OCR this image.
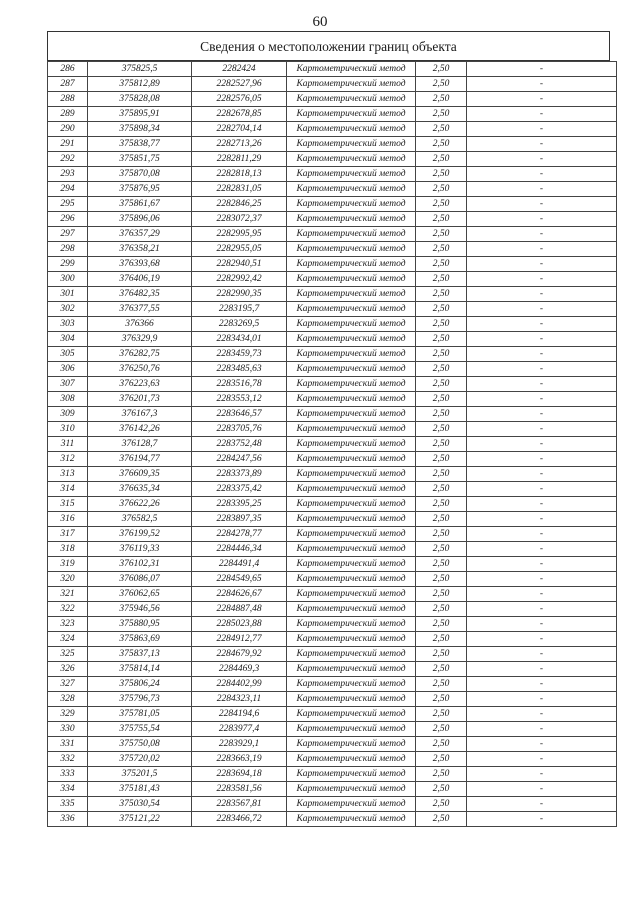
60
Сведения о местоположении границ объекта
286	375825,5	2282424	Картометрический метод	2,50	-
287	375812,89	2282527,96	Картометрический метод	2,50	-
288	375828,08	2282576,05	Картометрический метод	2,50	-
289	375895,91	2282678,85	Картометрический метод	2,50	-
290	375898,34	2282704,14	Картометрический метод	2,50	-
291	375838,77	2282713,26	Картометрический метод	2,50	-
292	375851,75	2282811,29	Картометрический метод	2,50	-
293	375870,08	2282818,13	Картометрический метод	2,50	-
294	375876,95	2282831,05	Картометрический метод	2,50	-
295	375861,67	2282846,25	Картометрический метод	2,50	-
296	375896,06	2283072,37	Картометрический метод	2,50	-
297	376357,29	2282995,95	Картометрический метод	2,50	-
298	376358,21	2282955,05	Картометрический метод	2,50	-
299	376393,68	2282940,51	Картометрический метод	2,50	-
300	376406,19	2282992,42	Картометрический метод	2,50	-
301	376482,35	2282990,35	Картометрический метод	2,50	-
302	376377,55	2283195,7	Картометрический метод	2,50	-
303	376366	2283269,5	Картометрический метод	2,50	-
304	376329,9	2283434,01	Картометрический метод	2,50	-
305	376282,75	2283459,73	Картометрический метод	2,50	-
306	376250,76	2283485,63	Картометрический метод	2,50	-
307	376223,63	2283516,78	Картометрический метод	2,50	-
308	376201,73	2283553,12	Картометрический метод	2,50	-
309	376167,3	2283646,57	Картометрический метод	2,50	-
310	376142,26	2283705,76	Картометрический метод	2,50	-
311	376128,7	2283752,48	Картометрический метод	2,50	-
312	376194,77	2284247,56	Картометрический метод	2,50	-
313	376609,35	2283373,89	Картометрический метод	2,50	-
314	376635,34	2283375,42	Картометрический метод	2,50	-
315	376622,26	2283395,25	Картометрический метод	2,50	-
316	376582,5	2283897,35	Картометрический метод	2,50	-
317	376199,52	2284278,77	Картометрический метод	2,50	-
318	376119,33	2284446,34	Картометрический метод	2,50	-
319	376102,31	2284491,4	Картометрический метод	2,50	-
320	376086,07	2284549,65	Картометрический метод	2,50	-
321	376062,65	2284626,67	Картометрический метод	2,50	-
322	375946,56	2284887,48	Картометрический метод	2,50	-
323	375880,95	2285023,88	Картометрический метод	2,50	-
324	375863,69	2284912,77	Картометрический метод	2,50	-
325	375837,13	2284679,92	Картометрический метод	2,50	-
326	375814,14	2284469,3	Картометрический метод	2,50	-
327	375806,24	2284402,99	Картометрический метод	2,50	-
328	375796,73	2284323,11	Картометрический метод	2,50	-
329	375781,05	2284194,6	Картометрический метод	2,50	-
330	375755,54	2283977,4	Картометрический метод	2,50	-
331	375750,08	2283929,1	Картометрический метод	2,50	-
332	375720,02	2283663,19	Картометрический метод	2,50	-
333	375201,5	2283694,18	Картометрический метод	2,50	-
334	375181,43	2283581,56	Картометрический метод	2,50	-
335	375030,54	2283567,81	Картометрический метод	2,50	-
336	375121,22	2283466,72	Картометрический метод	2,50	-
